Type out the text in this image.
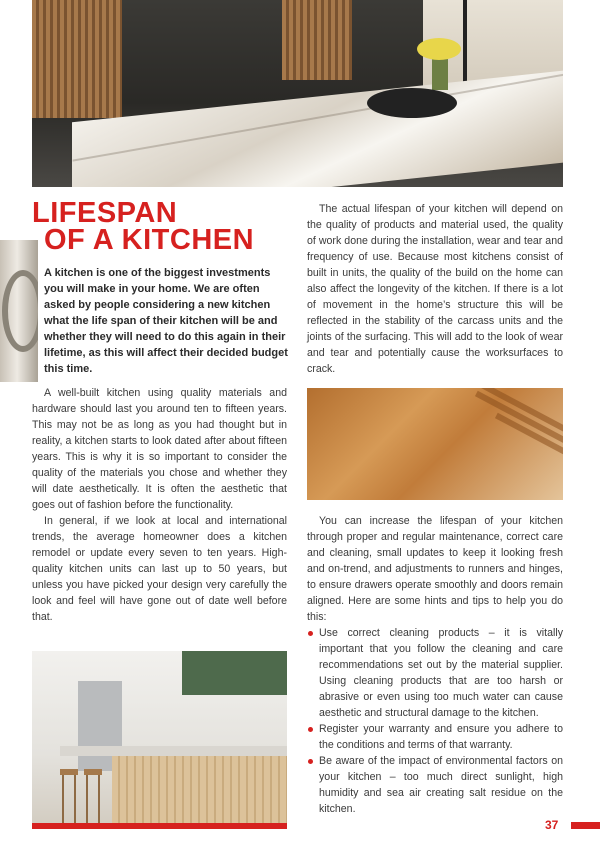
LIFESPAN
OF A KITCHEN
A kitchen is one of the biggest investments you will make in your home. We are often asked by people considering a new kitchen what the life span of their kitchen will be and whether they will need to do this again in their lifetime, as this will affect their decided budget this time.

A well-built kitchen using quality materials and hardware should last you around ten to fifteen years. This may not be as long as you had thought but in reality, a kitchen starts to look dated after about fifteen years. This is why it is so important to consider the quality of the materials you chose and whether they will date aesthetically. It is often the aesthetic that goes out of fashion before the functionality.

In general, if we look at local and international trends, the average homeowner does a kitchen remodel or update every seven to ten years. High-quality kitchen units can last up to 50 years, but unless you have picked your design very carefully the look and feel will have gone out of date well before that.

The actual lifespan of your kitchen will depend on the quality of products and material used, the quality of work done during the installation, wear and tear and frequency of use. Because most kitchens consist of built in units, the quality of the build on the home can also affect the longevity of the kitchen. If there is a lot of movement in the home’s structure this will be reflected in the stability of the carcass units and the joints of the surfacing. This will add to the look of wear and tear and potentially cause the worksurfaces to crack.

You can increase the lifespan of your kitchen through proper and regular maintenance, correct care and cleaning, small updates to keep it looking fresh and on-trend, and adjustments to runners and hinges, to ensure drawers operate smoothly and doors remain aligned. Here are some hints and tips to help you do this:

Use correct cleaning products – it is vitally important that you follow the cleaning and care recommendations set out by the material supplier. Using cleaning products that are too harsh or abrasive or even using too much water can cause aesthetic and structural damage to the kitchen.
Register your warranty and ensure you adhere to the conditions and terms of that warranty.
Be aware of the impact of environmental factors on your kitchen – too much direct sunlight, high humidity and sea air creating salt residue on the kitchen.
37
